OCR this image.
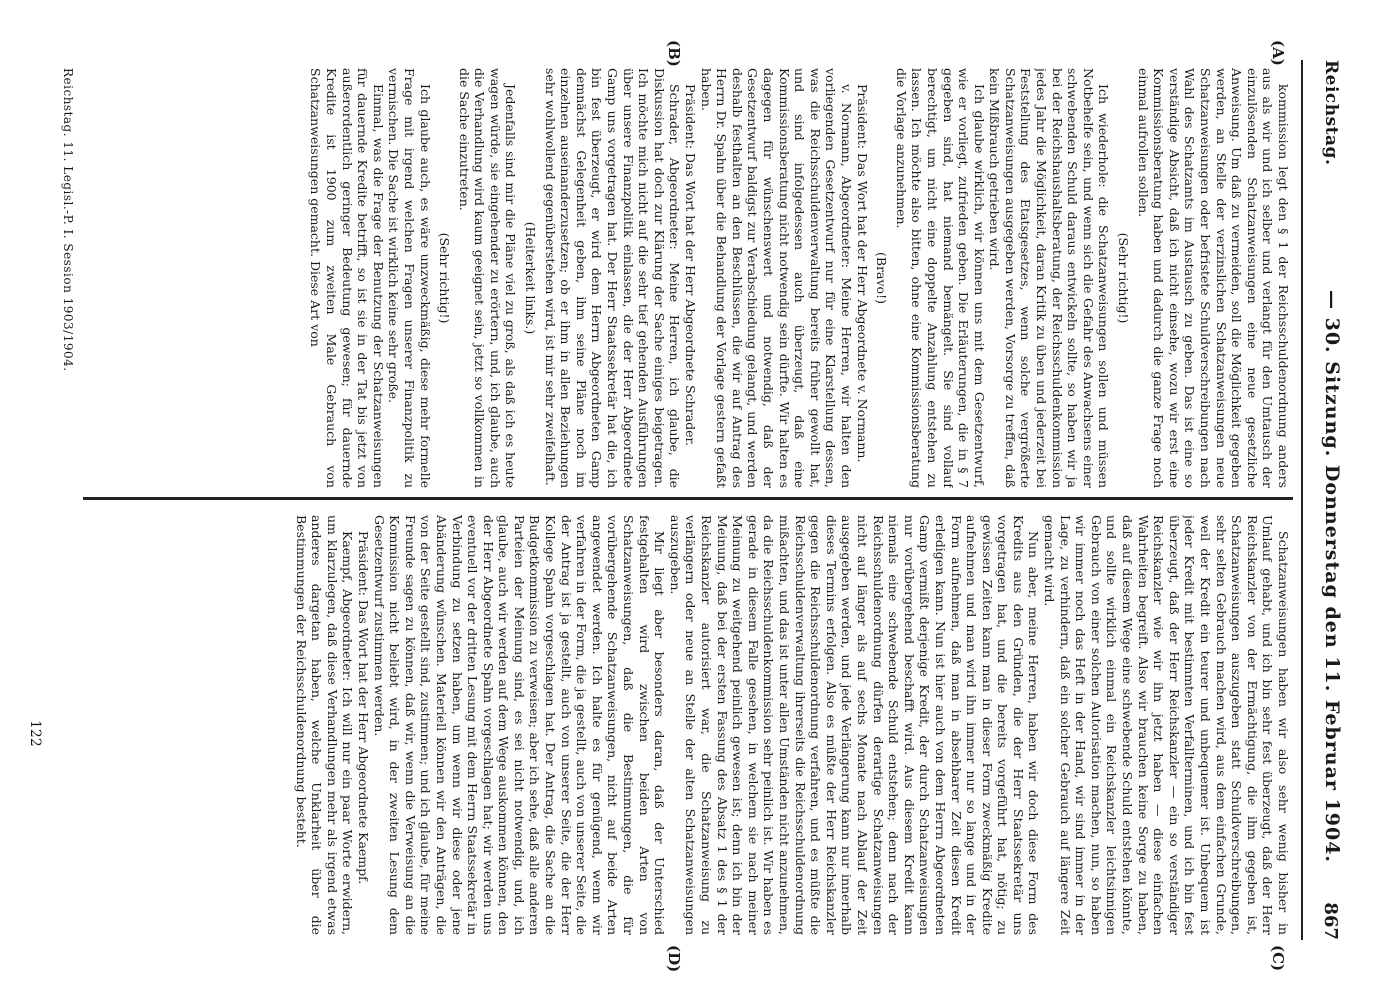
Reichstag.
— 30. Sitzung. Donnerstag den 11. Februar 1904.
867
(A)
(B)
(C)
(D)

kommission legt den § 1 der Reichsschuldenordnung anders aus als wir und ich selber und verlangt für den Umtausch der einzulösenden Schatzanweisungen eine neue gesetzliche Anweisung. Um daß zu vermeiden, soll die Möglichkeit gegeben werden, an Stelle der verzinslichen Schatzanweisungen neue Schatzanweisungen oder befristete Schuldverschreibungen nach Wahl des Schatzamts im Austausch zu geben. Das ist eine so verständige Absicht, daß ich nicht einsehe, wozu wir erst eine Kommissionsberatung haben und dadurch die ganze Frage noch einmal aufrollen sollen.

(Sehr richtig!)

Ich wiederhole: die Schatzanweisungen sollen und müssen Notbehelfe sein, und wenn sich die Gefahr des Anwachsens einer schwebenden Schuld daraus entwickeln sollte, so haben wir ja bei der Reichshaushaltsberatung, der Reichsschuldenkommission jedes Jahr die Möglichkeit, daran Kritik zu üben und jederzeit bei Feststellung des Etatsgesetzes, wenn solche vergrößerte Schatzanweisungen ausgegeben werden, Vorsorge zu treffen, daß kein Mißbrauch getrieben wird.

Ich glaube wirklich, wir können uns mit dem Gesetzentwurf, wie er vorliegt, zufrieden geben. Die Erläuterungen, die in § 7 gegeben sind, hat niemand bemängelt. Sie sind vollauf berechtigt, um nicht eine doppelte Anzahlung entstehen zu lassen. Ich möchte also bitten, ohne eine Kommissionsberatung die Vorlage anzunehmen.

(Bravo!)

Präsident: Das Wort hat der Herr Abgeordnete v. Normann.

v. Normann, Abgeordneter: Meine Herren, wir halten den vorliegenden Gesetzentwurf nur für eine Klarstellung dessen, was die Reichsschuldenverwaltung bereits früher gewollt hat, und sind infolgedessen auch überzeugt, daß eine Kommissionsberatung nicht notwendig sein dürfte. Wir halten es dagegen für wünschenswert und notwendig, daß der Gesetzentwurf baldigst zur Verabschiedung gelangt, und werden deshalb festhalten an den Beschlüssen, die wir auf Antrag des Herrn Dr. Spahn über die Behandlung der Vorlage gestern gefaßt haben.

Präsident: Das Wort hat der Herr Abgeordnete Schrader.

Schrader, Abgeordneter: Meine Herren, ich glaube, die Diskussion hat doch zur Klärung der Sache einiges beigetragen. Ich möchte mich nicht auf die sehr tief gehenden Ausführungen über unsere Finanzpolitik einlassen, die der Herr Abgeordnete Gamp uns vorgetragen hat. Der Herr Staatssekretär hat die, ich bin fest überzeugt, er wird dem Herrn Abgeordneten Gamp demnächst Gelegenheit geben, ihm seine Pläne noch im einzelnen auseinanderzusetzen; ob er ihm in allen Beziehungen sehr wohlwollend gegenüberstehen wird, ist mir sehr zweifelhaft.

(Heiterkeit links.)

Jedenfalls sind mir die Pläne viel zu groß, als daß ich es heute wagen würde, sie eingehender zu erörtern, und, ich glaube, auch die Verhandlung wird kaum geeignet sein, jetzt so vollkommen in die Sache einzutreten.

(Sehr richtig!)

Ich glaube auch, es wäre unzweckmäßig, diese mehr formelle Frage mit irgend welchen Fragen unserer Finanzpolitik zu vermischen. Die Sache ist wirklich keine sehr große.

Einmal, was die Frage der Benutzung der Schatzanweisungen für dauernde Kredite betrifft, so ist sie in der Tat bis jetzt von außerordentlich geringer Bedeutung gewesen; für dauernde Kredite ist 1900 zum zweiten Male Gebrauch von Schatzanweisungen gemacht. Diese Art von

Schatzanweisungen haben wir also sehr wenig bisher in Umlauf gehabt, und ich bin sehr fest überzeugt, daß der Herr Reichskanzler von der Ermächtigung, die ihm gegeben ist, Schatzanweisungen auszugeben statt Schuldverschreibungen, sehr selten Gebrauch machen wird, aus dem einfachen Grunde, weil der Kredit ein teurer und unbequemer ist. Unbequem ist jeder Kredit mit bestimmten Verfallterminen, und ich bin fest überzeugt, daß der Herr Reichskanzler — ein so verständiger Reichskanzler wie wir ihn jetzt haben — diese einfachen Wahrheiten begreift. Also wir brauchen keine Sorge zu haben, daß auf diesem Wege eine schwebende Schuld entstehen könnte, und sollte wirklich einmal ein Reichskanzler leichtsinnigen Gebrauch von einer solchen Autorisation machen, nun, so haben wir immer noch das Heft in der Hand, wir sind immer in der Lage, zu verhindern, daß ein solcher Gebrauch auf längere Zeit gemacht wird.

Nun aber, meine Herren, haben wir doch diese Form des Kredits aus den Gründen, die der Herr Staatssekretär uns vorgetragen hat, und die bereits vorgeführt hat, nötig; zu gewissen Zeiten kann man in dieser Form zweckmäßig Kredite aufnehmen und man wird ihn immer nur so lange und in der Form aufnehmen, daß man in absehbarer Zeit diesen Kredit erledigen kann. Nun ist hier auch von dem Herrn Abgeordneten Gamp vermißt derjenige Kredit, der durch Schatzanweisungen nur vorübergehend beschafft wird. Aus diesem Kredit kann niemals eine schwebende Schuld entstehen; denn nach der Reichsschuldenordnung dürfen derartige Schatzanweisungen nicht auf länger als auf sechs Monate nach Ablauf der Zeit ausgegeben werden, und jede Verlängerung kann nur innerhalb dieses Termins erfolgen. Also es müßte der Herr Reichskanzler gegen die Reichsschuldenordnung verfahren, und es müßte die Reichsschuldenverwaltung ihrerseits die Reichsschuldenordnung mißachten, und das ist unter allen Umständen nicht anzunehmen, da die Reichsschuldenkommission sehr peinlich ist. Wir haben es gerade in diesem Falle gesehen, in welchem sie nach meiner Meinung zu weitgehend peinlich gewesen ist; denn ich bin der Meinung, daß bei der ersten Fassung des Absatz 1 des § 1 der Reichskanzler autorisiert war, die Schatzanweisung zu verlängern oder neue an Stelle der alten Schatzanweisungen auszugeben.

Mir liegt aber besonders daran, daß der Unterschied festgehalten wird zwischen beiden Arten von Schatzanweisungen, daß die Bestimmungen, die für vorübergehende Schatzanweisungen, nicht auf beide Arten angewendet werden. Ich halte es für genügend, wenn wir verfahren in der Form, die ja gestellt, auch von unserer Seite, die der Antrag ist ja gestellt, auch von unserer Seite, die der Herr Kollege Spahn vorgeschlagen hat. Der Antrag, die Sache an die Budgetkommission zu verweisen; aber ich sehe, daß alle anderen Parteien der Meinung sind, es sei nicht notwendig, und, ich glaube, auch wir werden auf dem Wege auskommen können, den der Herr Abgeordnete Spahn vorgeschlagen hat; wir werden uns eventuell vor der dritten Lesung mit dem Herrn Staatssekretär in Verbindung zu setzen haben, um wenn wir diese oder jene Abänderung wünschen. Materiell können wir den Anträgen, die von der Seite gestellt sind, zustimmen; und ich glaube, für meine Freunde sagen zu können, daß wir, wenn die Verweisung an die Kommission nicht beliebt wird, in der zweiten Lesung dem Gesetzentwurf zustimmen werden.

Präsident: Das Wort hat der Herr Abgeordnete Kaempf.

Kaempf, Abgeordneter: Ich will nur ein paar Worte erwidern, um klarzulegen, daß diese Verhandlungen mehr als irgend etwas anderes dargetan haben, welche Unklarheit über die Bestimmungen der Reichsschuldenordnung besteht.

Reichstag. 11. Legisl.-P. I. Session 1903/1904.
122
